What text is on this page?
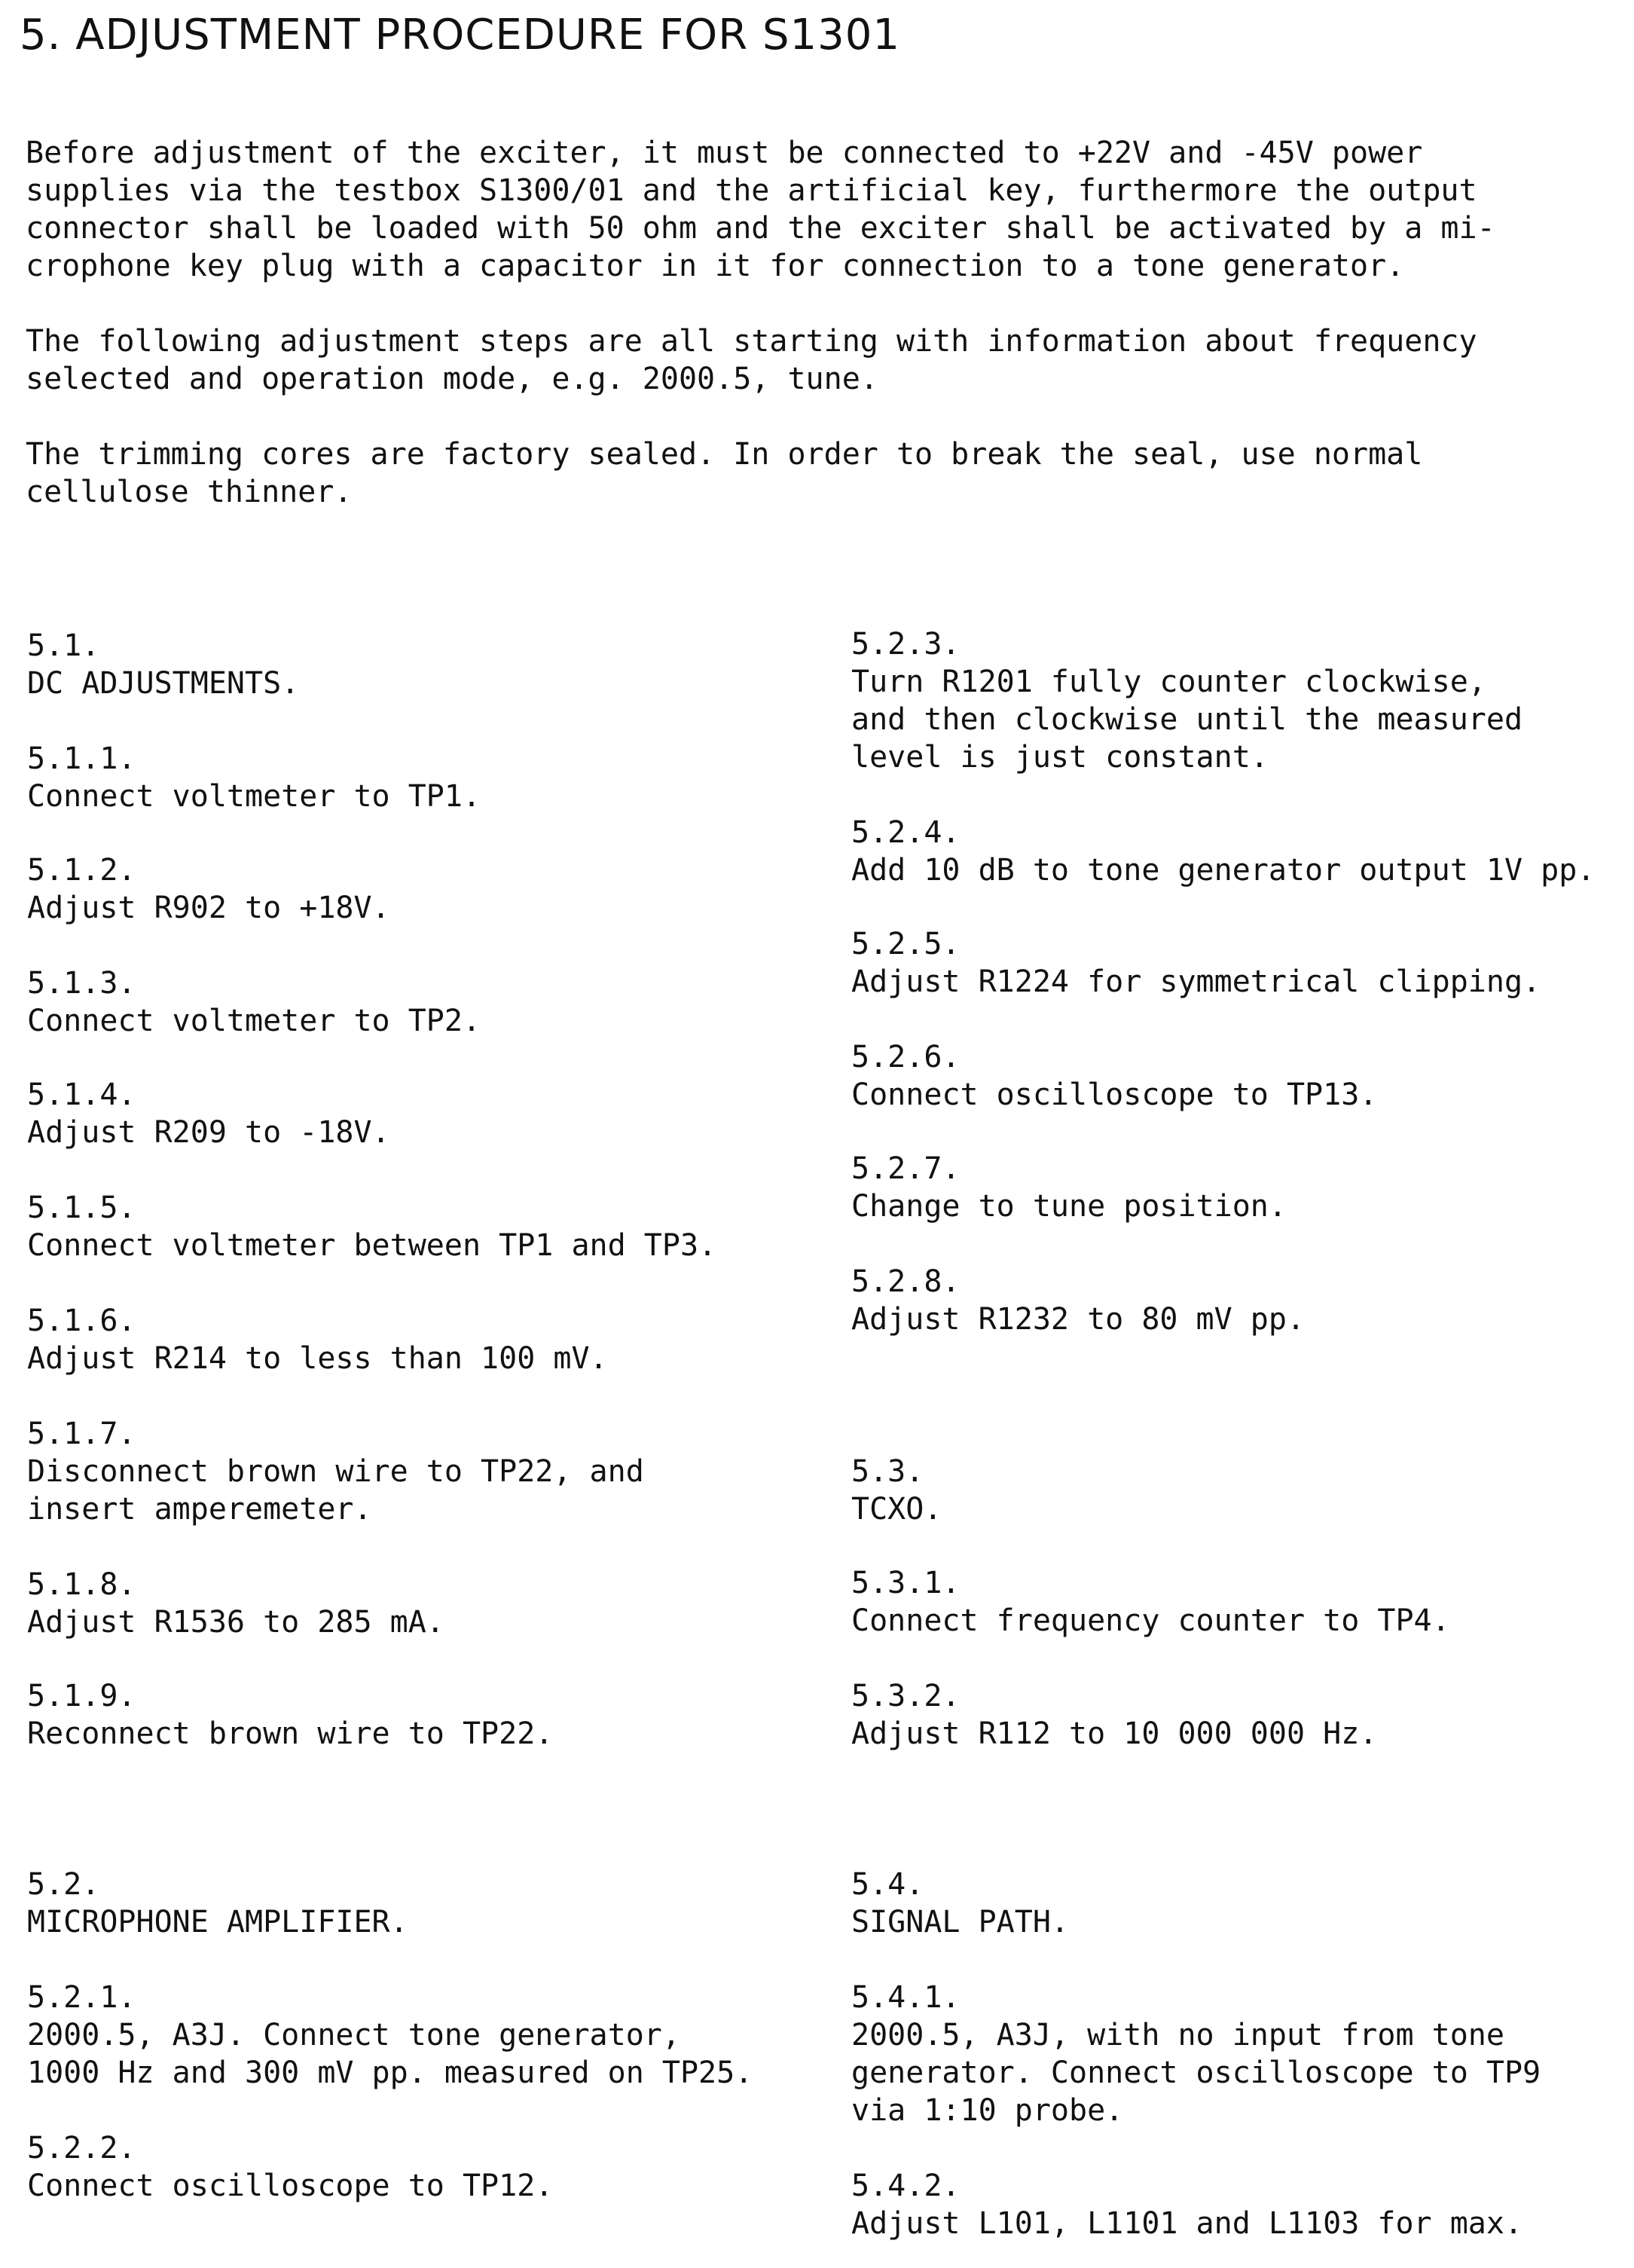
5. ADJUSTMENT PROCEDURE FOR S1301

Before adjustment of the exciter, it must be connected to +22V and -45V power supplies via the testbox S1300/01 and the artificial key, furthermore the output connector shall be loaded with 50 ohm and the exciter shall be activated by a mi- crophone key plug with a capacitor in it for connection to a tone generator.

The following adjustment steps are all starting with information about frequency selected and operation mode, e.g. 2000.5, tune.

The trimming cores are factory sealed. In order to break the seal, use normal cellulose thinner.

5.1.
DC ADJUSTMENTS.
5.1.1.
Connect voltmeter to TP1.
5.1.2.
Adjust R902 to +18V.
5.1.3.
Connect voltmeter to TP2.
5.1.4.
Adjust R209 to -18V.
5.1.5.
Connect voltmeter between TP1 and TP3.
5.1.6.
Adjust R214 to less than 100 mV.
5.1.7.
Disconnect brown wire to TP22, and
insert amperemeter.
5.1.8.
Adjust R1536 to 285 mA.
5.1.9.
Reconnect brown wire to TP22.
5.2.
MICROPHONE AMPLIFIER.
5.2.1.
2000.5, A3J. Connect tone generator,
1000 Hz and 300 mV pp. measured on TP25.
5.2.2.
Connect oscilloscope to TP12.
5.2.3.
Turn R1201 fully counter clockwise,
and then clockwise until the measured
level is just constant.
5.2.4.
Add 10 dB to tone generator output 1V pp.
5.2.5.
Adjust R1224 for symmetrical clipping.
5.2.6.
Connect oscilloscope to TP13.
5.2.7.
Change to tune position.
5.2.8.
Adjust R1232 to 80 mV pp.
5.3.
TCXO.
5.3.1.
Connect frequency counter to TP4.
5.3.2.
Adjust R112 to 10 000 000 Hz.
5.4.
SIGNAL PATH.
5.4.1.
2000.5, A3J, with no input from tone
generator. Connect oscilloscope to TP9
via 1:10 probe.
5.4.2.
Adjust L101, L1101 and L1103 for max.
